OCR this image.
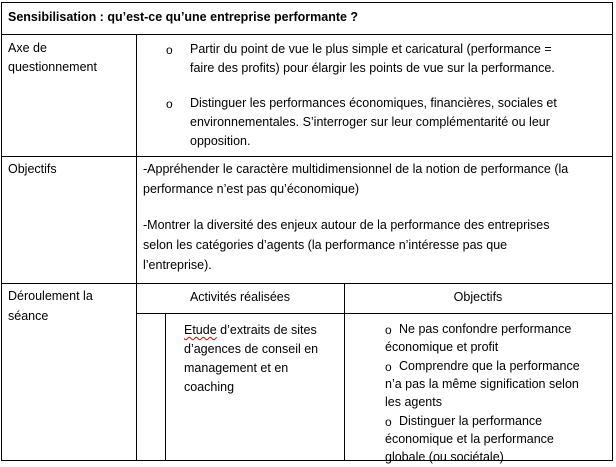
Sensibilisation : qu’est-ce qu’une entreprise performante ?
Axe de
questionnement
o Partir du point de vue le plus simple et caricatural (performance =
faire des profits) pour élargir les points de vue sur la performance.
o Distinguer les performances économiques, financières, sociales et
environnementales. S’interroger sur leur complémentarité ou leur
opposition.
Objectifs	-Appréhender le caractère multidimensionnel de la notion de performance (la
performance n’est pas qu’économique)
-Montrer la diversité des enjeux autour de la performance des entreprises
selon les catégories d’agents (la performance n’intéresse pas que
l’entreprise).
Déroulement la
séance
Activités réalisées	Objectifs
Etude d’extraits de sites
d’agences de conseil en
management et en
coaching
o Ne pas confondre performance
économique et profit
o Comprendre que la performance
n’a pas la même signification selon
les agents
o Distinguer la performance
économique et la performance
globale (ou sociétale)
